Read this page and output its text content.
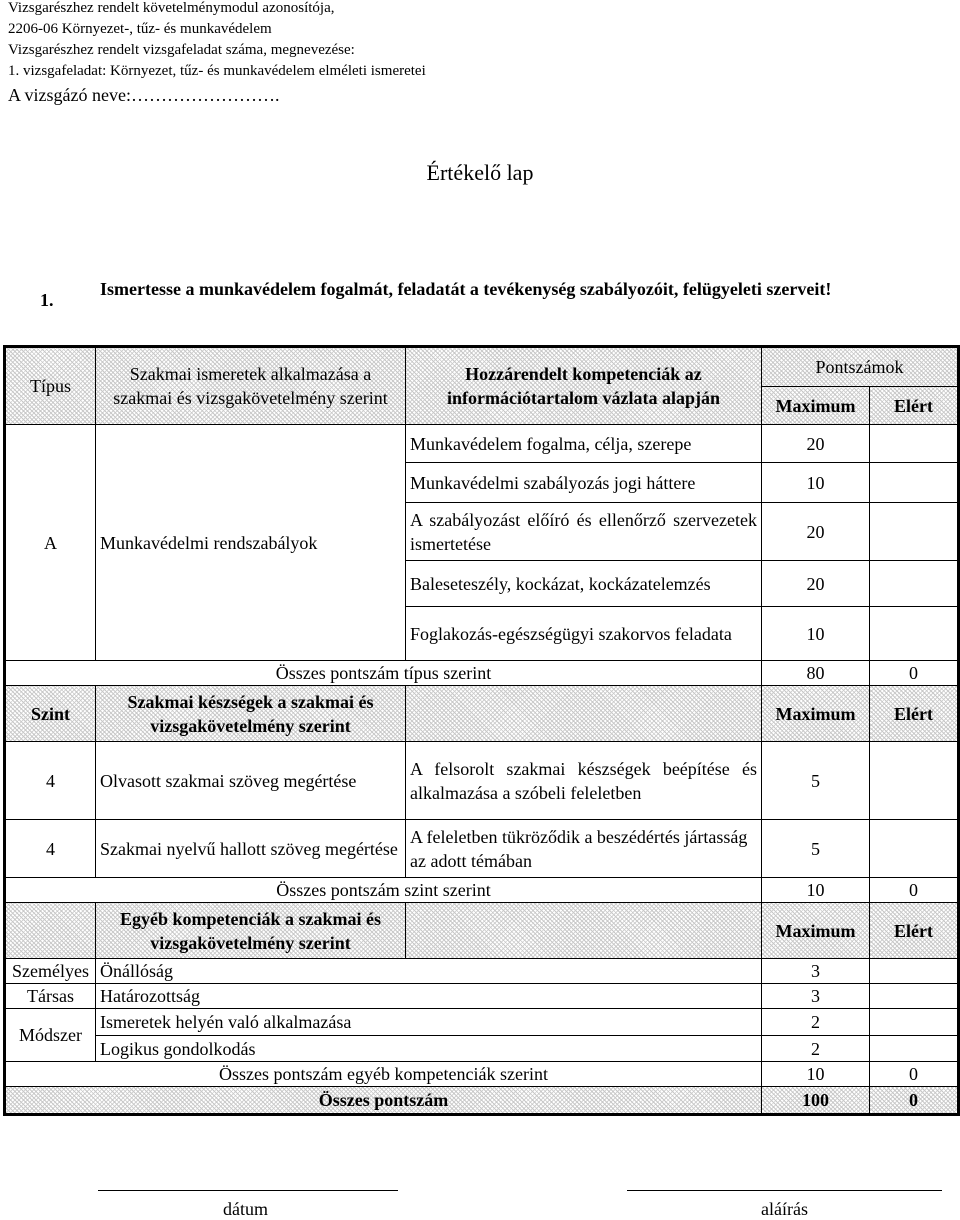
Vizsgarészhez rendelt követelménymodul azonosítója,
2206-06 Környezet-, tűz- és munkavédelem
Vizsgarészhez rendelt vizsgafeladat száma, megnevezése:
1. vizsgafeladat: Környezet, tűz- és munkavédelem elméleti ismeretei
A vizsgázó neve:…………………….
Értékelő lap
1.
Ismertesse a munkavédelem fogalmát, feladatát a tevékenység szabályozóit, felügyeleti szerveit!
Típus	Szakmai ismeretek alkalmazása a szakmai és vizsgakövetelmény szerint	Hozzárendelt kompetenciák az információtartalom vázlata alapján	Pontszámok	
			Maximum	Elért
A	Munkavédelmi rendszabályok	Munkavédelem fogalma, célja, szerepe	20	
		Munkavédelmi szabályozás jogi háttere	10	
		A szabályozást előíró és ellenőrző szervezetek ismertetése	20	
		Baleseteszély, kockázat, kockázatelemzés	20	
		Foglakozás-egészségügyi szakorvos feladata	10	
Összes pontszám típus szerint			80	0
Szint	Szakmai készségek a szakmai és vizsgakövetelmény szerint		Maximum	Elért
4	Olvasott szakmai szöveg megértése	A felsorolt szakmai készségek beépítése és alkalmazása a szóbeli feleletben	5	
4	Szakmai nyelvű hallott szöveg megértése	A feleletben tükröződik a beszédértés jártasság az adott témában	5	
Összes pontszám szint szerint			10	0
	Egyéb kompetenciák a szakmai és vizsgakövetelmény szerint		Maximum	Elért
Személyes	Önállóság		3	
Társas	Határozottság		3	
Módszer	Ismeretek helyén való alkalmazása		2	
	Logikus gondolkodás		2	
Összes pontszám egyéb kompetenciák szerint			10	0
Összes pontszám			100	0
dátum	aláírás
